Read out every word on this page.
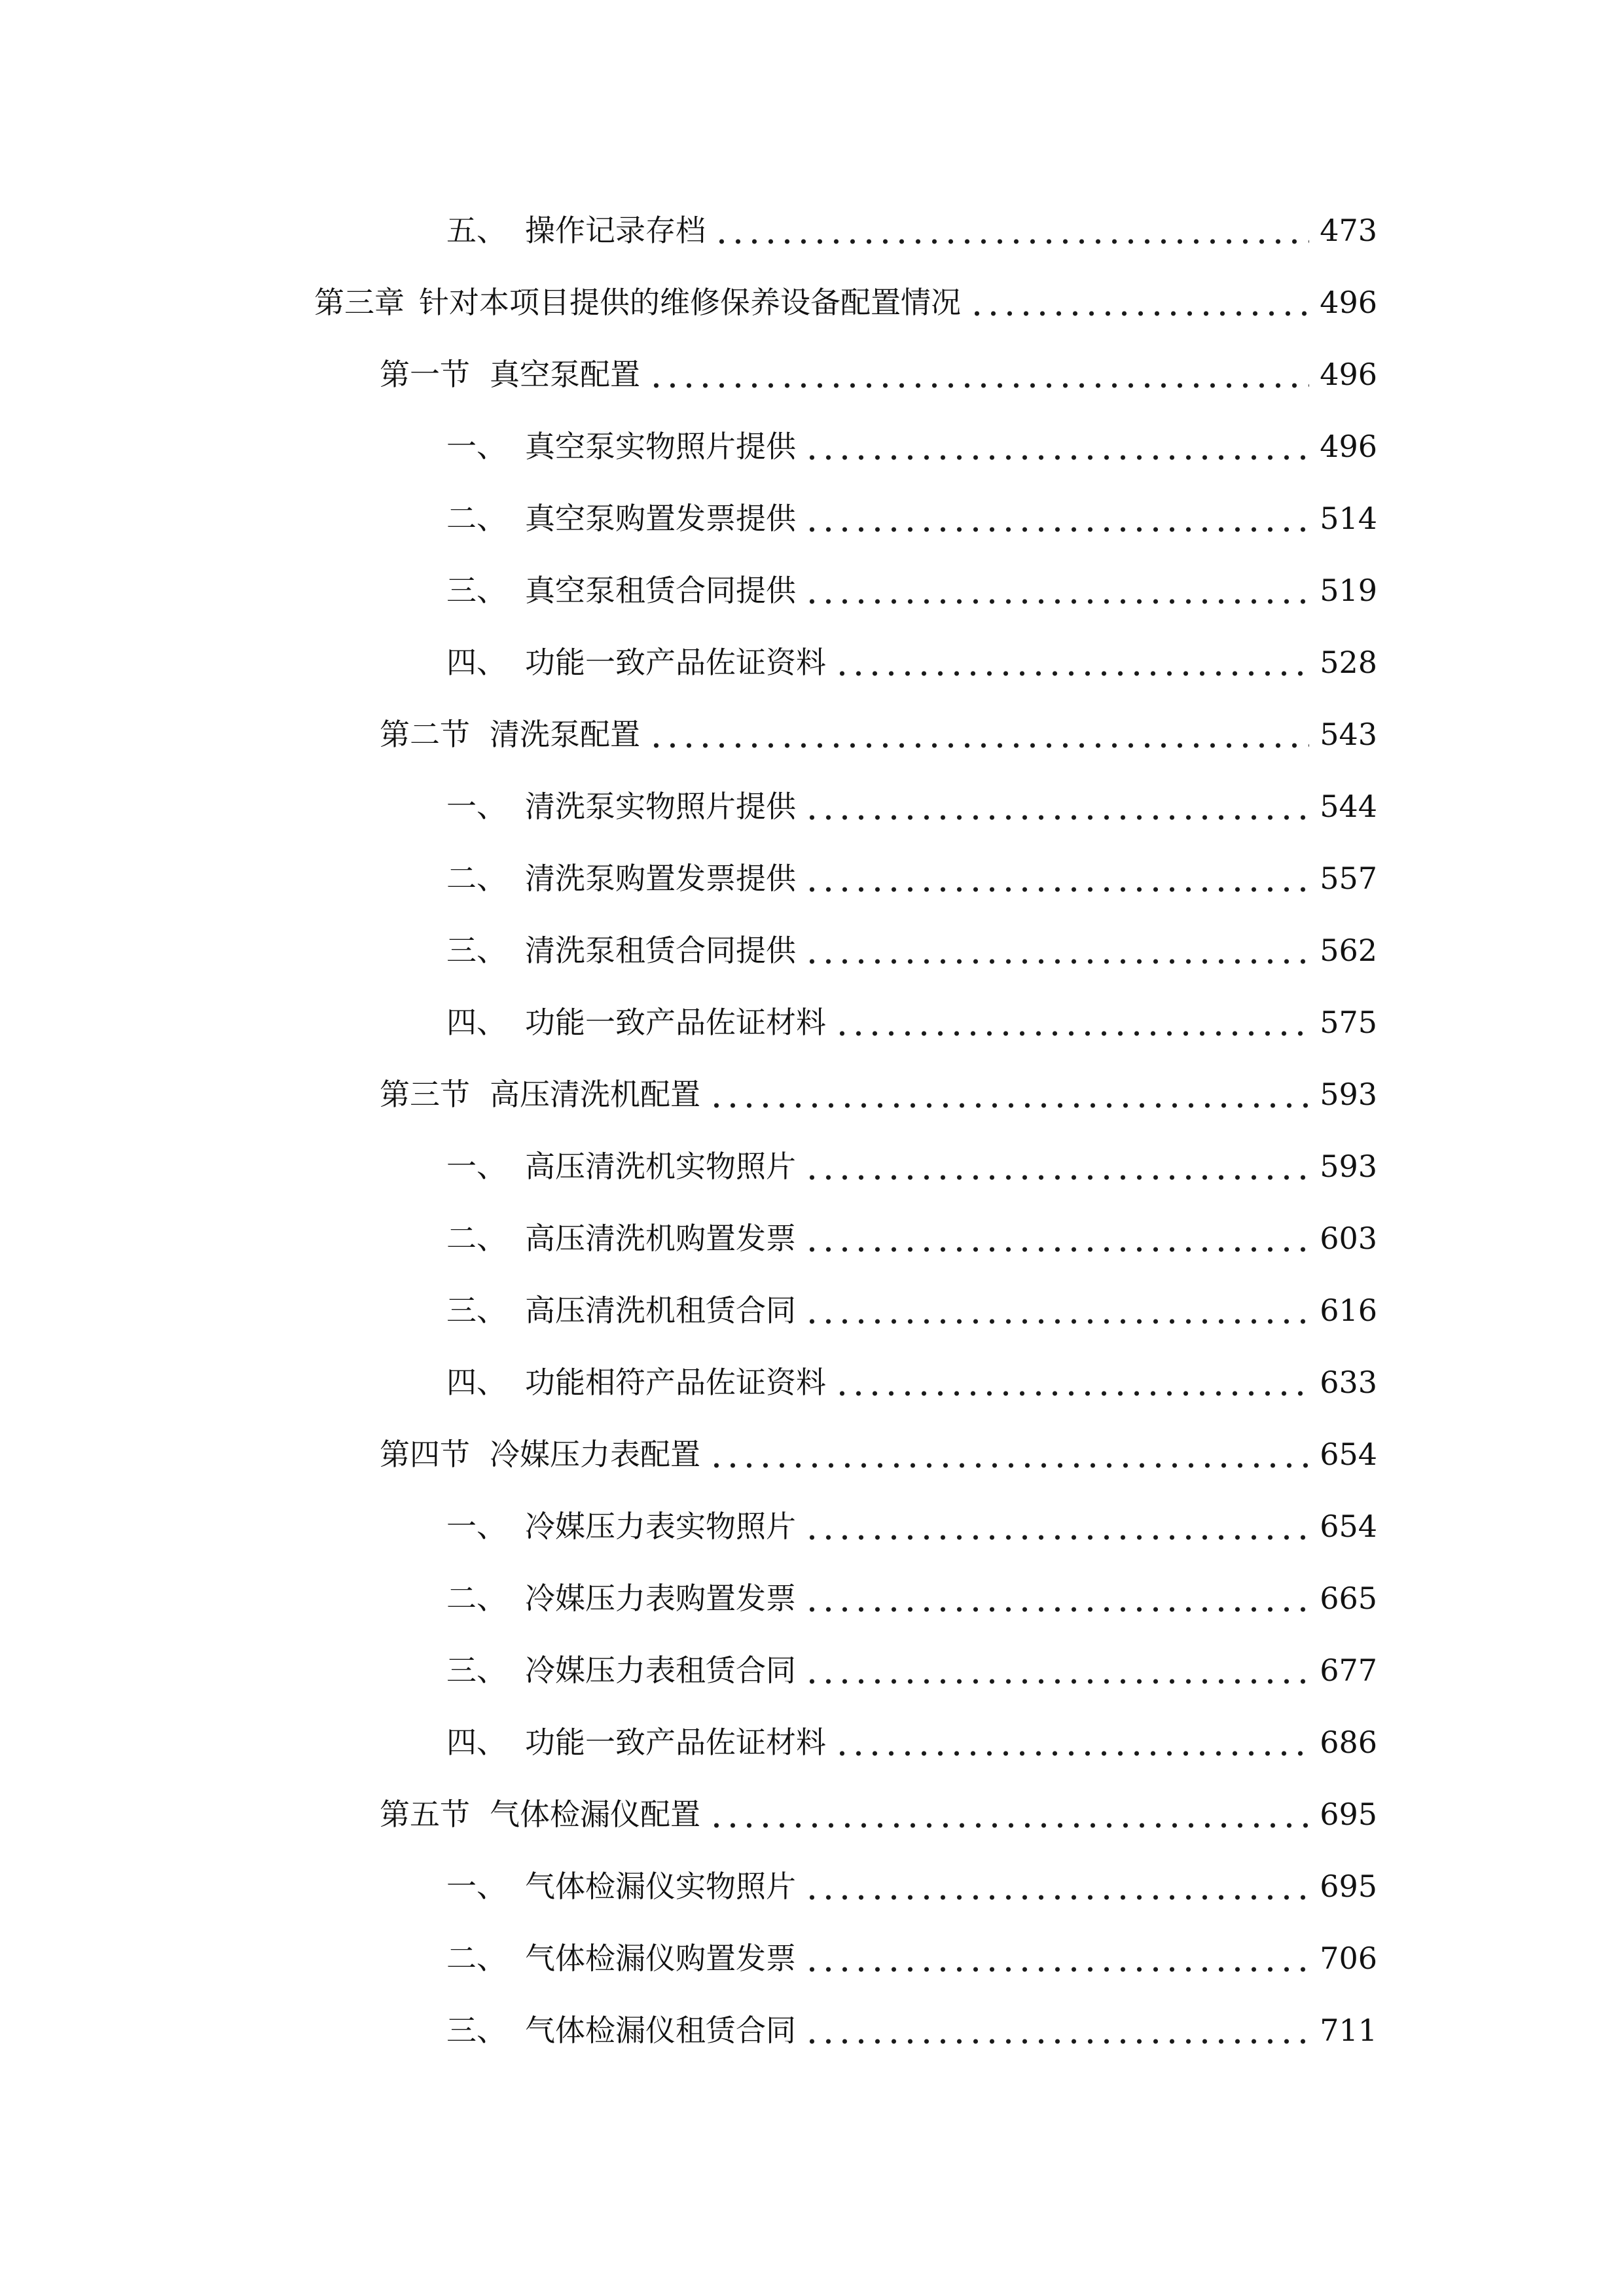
五、 操作记录存档	473
第三章 针对本项目提供的维修保养设备配置情况	496
第一节 真空泵配置	496
一、 真空泵实物照片提供	496
二、 真空泵购置发票提供	514
三、 真空泵租赁合同提供	519
四、 功能一致产品佐证资料	528
第二节 清洗泵配置	543
一、 清洗泵实物照片提供	544
二、 清洗泵购置发票提供	557
三、 清洗泵租赁合同提供	562
四、 功能一致产品佐证材料	575
第三节 高压清洗机配置	593
一、 高压清洗机实物照片	593
二、 高压清洗机购置发票	603
三、 高压清洗机租赁合同	616
四、 功能相符产品佐证资料	633
第四节 冷媒压力表配置	654
一、 冷媒压力表实物照片	654
二、 冷媒压力表购置发票	665
三、 冷媒压力表租赁合同	677
四、 功能一致产品佐证材料	686
第五节 气体检漏仪配置	695
一、 气体检漏仪实物照片	695
二、 气体检漏仪购置发票	706
三、 气体检漏仪租赁合同	711
